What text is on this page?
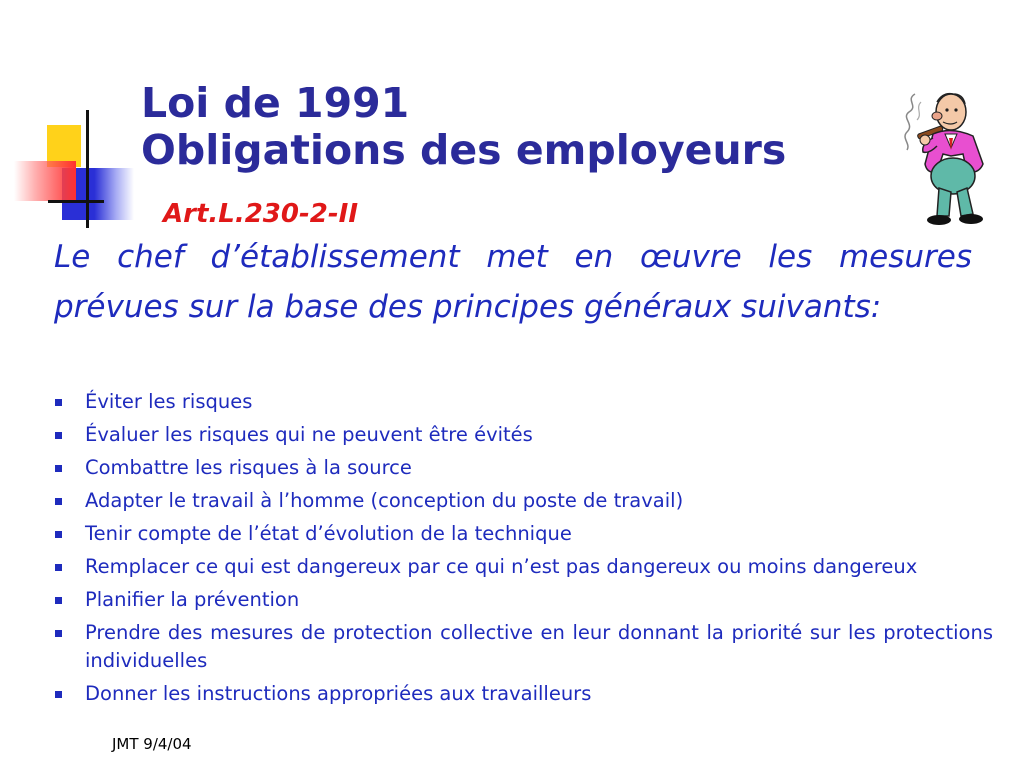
Loi de 1991
Obligations des employeurs
Art.L.230-2-II

Le chef d’établissement met en œuvre les mesures prévues sur la base des principes généraux suivants:

Éviter les risques
Évaluer les risques qui ne peuvent être évités
Combattre les risques à la source
Adapter le travail à l’homme (conception du poste de travail)
Tenir compte de l’état d’évolution de la technique
Remplacer ce qui est dangereux par ce qui n’est pas dangereux ou moins dangereux
Planifier la prévention
Prendre des mesures de protection collective en leur donnant la priorité sur les protections individuelles
Donner les instructions appropriées aux travailleurs
JMT 9/4/04
